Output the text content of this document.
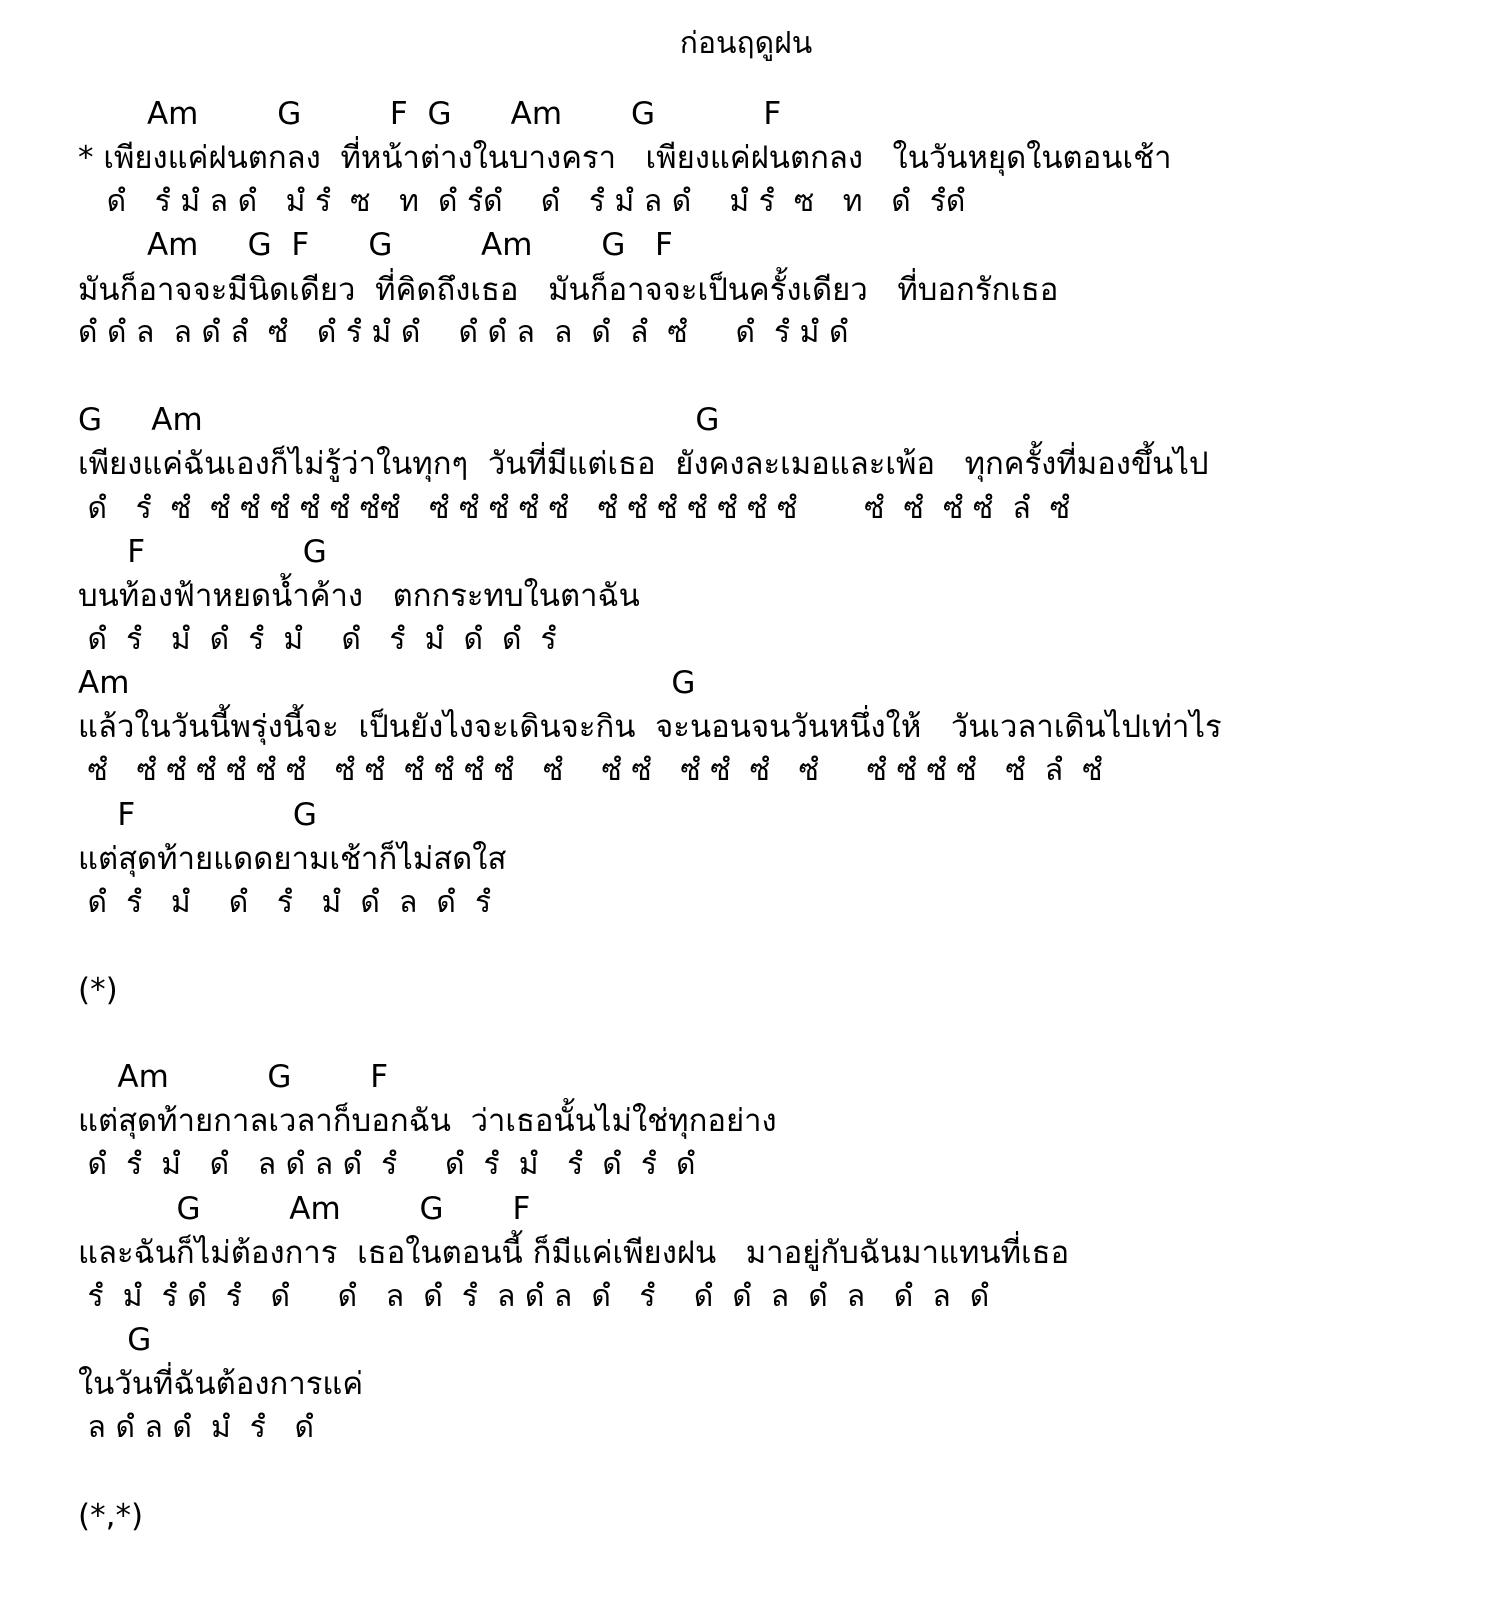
ก่อนฤดูฝน
Am        G         F  G      Am       G           F
* เพียงแค่ฝนตกลง  ที่หน้าต่างในบางครา   เพียงแค่ฝนตกลง   ในวันหยุดในตอนเช้า
ดํ   รํ มํ ล ดํ   มํ รํ  ซ   ท  ดํ รํดํ    ดํ   รํ มํ ล ดํ    มํ รํ  ซ   ท   ดํ  รํดํ
Am     G  F      G         Am       G   F
มันก็อาจจะมีนิดเดียว  ที่คิดถึงเธอ   มันก็อาจจะเป็นครั้งเดียว   ที่บอกรักเธอ
ดํ ดํ ล  ล ดํ ลํ  ซํ   ดํ รํ มํ ดํ    ดํ ดํ ล  ล  ดํ  ลํ  ซํ     ดํ  รํ มํ ดํ
G     Am                                                  G
เพียงแค่ฉันเองก็ไม่รู้ว่าในทุกๆ  วันที่มีแต่เธอ  ยังคงละเมอและเพ้อ   ทุกครั้งที่มองขึ้นไป
ดํ   รํ  ซํ  ซํ ซํ ซํ ซํ ซํ ซํซํ   ซํ ซํ ซํ ซํ ซํ   ซํ ซํ ซํ ซํ ซํ ซํ ซํ       ซํ  ซํ  ซํ ซํ  ลํ  ซํ
F                G
บนท้องฟ้าหยดน้ำค้าง   ตกกระทบในตาฉัน
ดํ  รํ   มํ  ดํ  รํ  มํ    ดํ   รํ  มํ  ดํ  ดํ  รํ
Am                                                       G
แล้วในวันนี้พรุ่งนี้จะ  เป็นยังไงจะเดินจะกิน  จะนอนจนวันหนึ่งให้   วันเวลาเดินไปเท่าไร
ซํ   ซํ ซํ ซํ ซํ ซํ ซํ   ซํ ซํ  ซํ ซํ ซํ ซํ   ซํ    ซํ ซํ   ซํ ซํ  ซํ   ซํ     ซํ ซํ ซํ ซํ   ซํ  ลํ  ซํ
F                G
แต่สุดท้ายแดดยามเช้าก็ไม่สดใส
ดํ  รํ   มํ    ดํ   รํ   มํ  ดํ  ล  ดํ  รํ
(*)
Am          G        F
แต่สุดท้ายกาลเวลาก็บอกฉัน  ว่าเธอนั้นไม่ใช่ทุกอย่าง
ดํ  รํ  มํ   ดํ   ล ดํ ล ดํ  รํ     ดํ  รํ  มํ   รํ  ดํ  รํ  ดํ
G         Am        G       F
และฉันก็ไม่ต้องการ  เธอในตอนนี้ ก็มีแค่เพียงฝน   มาอยู่กับฉันมาแทนที่เธอ
รํ  มํ  รํ ดํ  รํ   ดํ     ดํ   ล  ดํ  รํ  ล ดํ ล  ดํ   รํ    ดํ  ดํ  ล  ดํ  ล   ดํ  ล  ดํ
G
ในวันที่ฉันต้องการแค่
ล ดํ ล ดํ  มํ  รํ   ดํ
(*,*)
